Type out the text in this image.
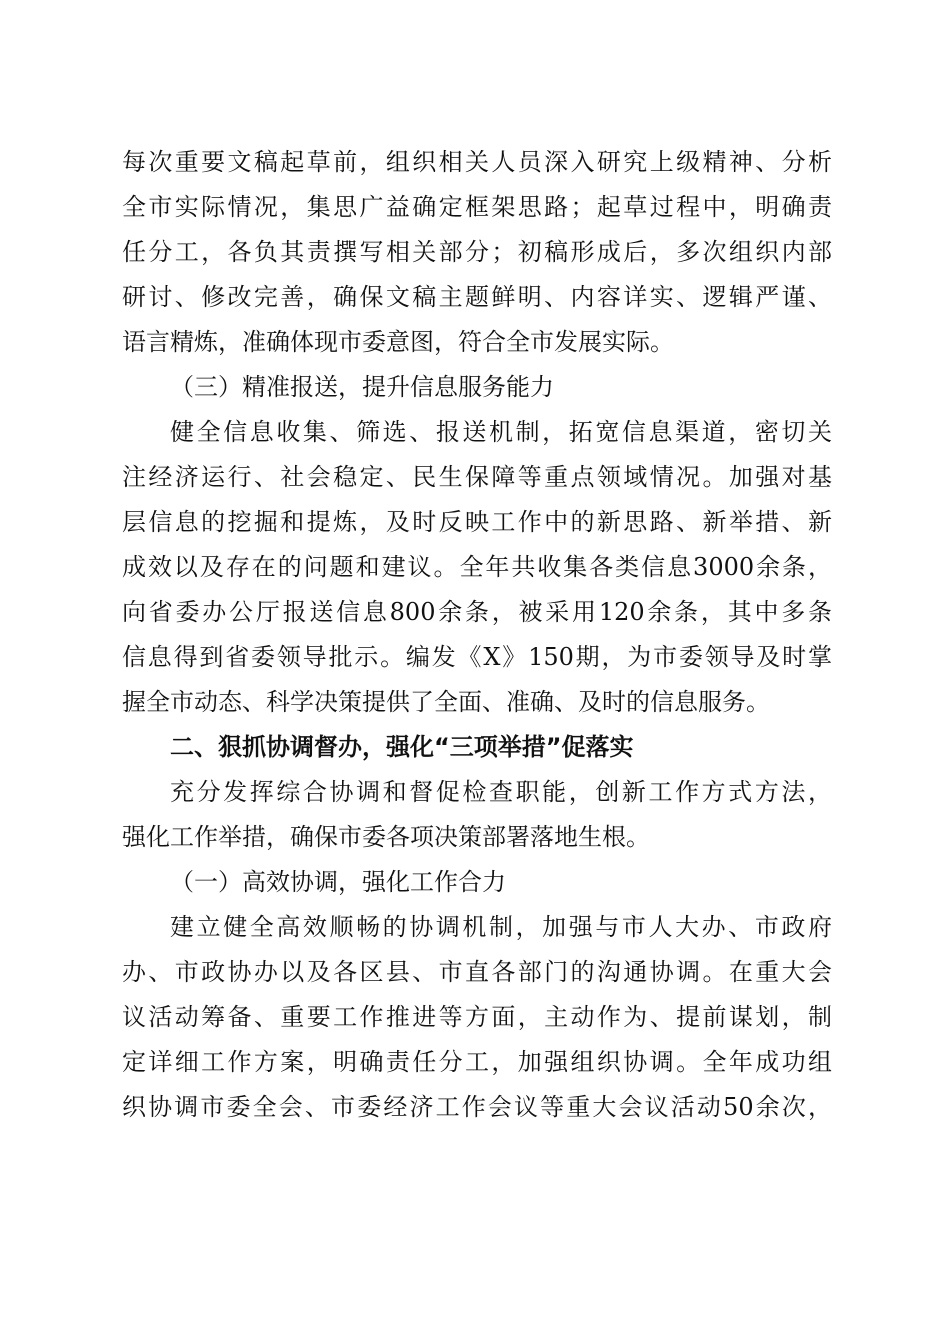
每次重要文稿起草前，组织相关人员深入研究上级精神、分析
全市实际情况，集思广益确定框架思路；起草过程中，明确责
任分工，各负其责撰写相关部分；初稿形成后，多次组织内部
研讨、修改完善，确保文稿主题鲜明、内容详实、逻辑严谨、
语言精炼，准确体现市委意图，符合全市发展实际。
（三）精准报送，提升信息服务能力
健全信息收集、筛选、报送机制，拓宽信息渠道，密切关
注经济运行、社会稳定、民生保障等重点领域情况。加强对基
层信息的挖掘和提炼，及时反映工作中的新思路、新举措、新
成效以及存在的问题和建议。全年共收集各类信息3000余条，
向省委办公厅报送信息800余条，被采用120余条，其中多条
信息得到省委领导批示。编发《X》150期，为市委领导及时掌
握全市动态、科学决策提供了全面、准确、及时的信息服务。
二、狠抓协调督办，强化“三项举措”促落实
充分发挥综合协调和督促检查职能，创新工作方式方法，
强化工作举措，确保市委各项决策部署落地生根。
（一）高效协调，强化工作合力
建立健全高效顺畅的协调机制，加强与市人大办、市政府
办、市政协办以及各区县、市直各部门的沟通协调。在重大会
议活动筹备、重要工作推进等方面，主动作为、提前谋划，制
定详细工作方案，明确责任分工，加强组织协调。全年成功组
织协调市委全会、市委经济工作会议等重大会议活动50余次，
